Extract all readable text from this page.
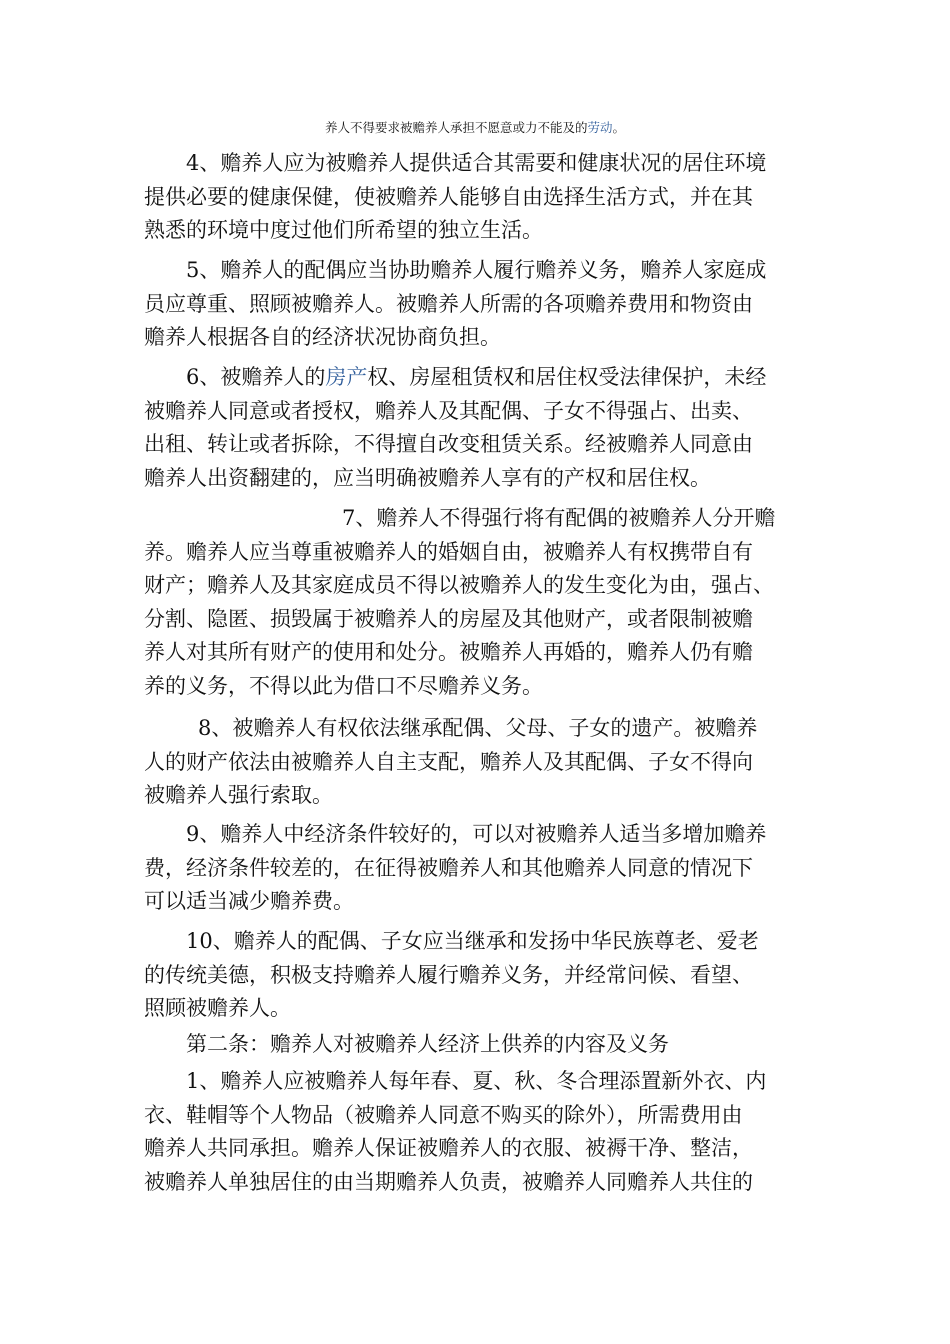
养人不得要求被赡养人承担不愿意或力不能及的劳动。
　　4、赡养人应为被赡养人提供适合其需要和健康状况的居住环境
提供必要的健康保健，使被赡养人能够自由选择生活方式，并在其
熟悉的环境中度过他们所希望的独立生活。
　　5、赡养人的配偶应当协助赡养人履行赡养义务，赡养人家庭成
员应尊重、照顾被赡养人。被赡养人所需的各项赡养费用和物资由
赡养人根据各自的经济状况协商负担。
　　6、被赡养人的房产权、房屋租赁权和居住权受法律保护，未经
被赡养人同意或者授权，赡养人及其配偶、子女不得强占、出卖、
出租、转让或者拆除，不得擅自改变租赁关系。经被赡养人同意由
赡养人出资翻建的，应当明确被赡养人享有的产权和居住权。
7、赡养人不得强行将有配偶的被赡养人分开赡
养。赡养人应当尊重被赡养人的婚姻自由，被赡养人有权携带自有
财产；赡养人及其家庭成员不得以被赡养人的发生变化为由，强占、
分割、隐匿、损毁属于被赡养人的房屋及其他财产，或者限制被赡
养人对其所有财产的使用和处分。被赡养人再婚的，赡养人仍有赡
养的义务，不得以此为借口不尽赡养义务。
8、被赡养人有权依法继承配偶、父母、子女的遗产。被赡养
人的财产依法由被赡养人自主支配，赡养人及其配偶、子女不得向
被赡养人强行索取。
　　9、赡养人中经济条件较好的，可以对被赡养人适当多增加赡养
费，经济条件较差的，在征得被赡养人和其他赡养人同意的情况下
可以适当减少赡养费。
　　10、赡养人的配偶、子女应当继承和发扬中华民族尊老、爱老
的传统美德，积极支持赡养人履行赡养义务，并经常问候、看望、
照顾被赡养人。
　　第二条：赡养人对被赡养人经济上供养的内容及义务
　　1、赡养人应被赡养人每年春、夏、秋、冬合理添置新外衣、内
衣、鞋帽等个人物品（被赡养人同意不购买的除外），所需费用由
赡养人共同承担。赡养人保证被赡养人的衣服、被褥干净、整洁，
被赡养人单独居住的由当期赡养人负责，被赡养人同赡养人共住的
